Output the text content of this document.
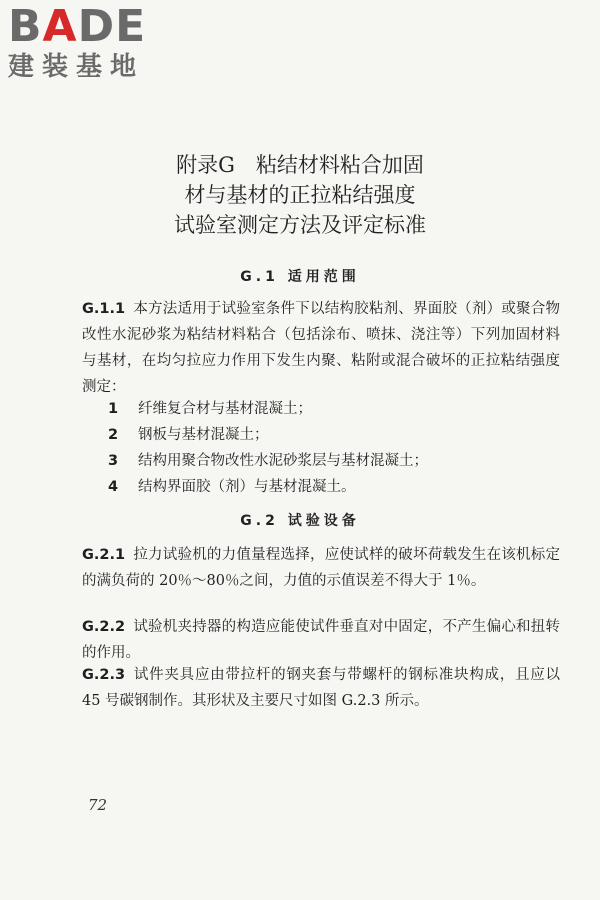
BADE
建装基地
附录G　粘结材料粘合加固
材与基材的正拉粘结强度
试验室测定方法及评定标准
G.1 适用范围
G.1.1 本方法适用于试验室条件下以结构胶粘剂、界面胶（剂）或聚合物改性水泥砂浆为粘结材料粘合（包括涂布、喷抹、浇注等）下列加固材料与基材，在均匀拉应力作用下发生内聚、粘附或混合破坏的正拉粘结强度测定：
1 纤维复合材与基材混凝土；
2 钢板与基材混凝土；
3 结构用聚合物改性水泥砂浆层与基材混凝土；
4 结构界面胶（剂）与基材混凝土。
G.2 试验设备
G.2.1 拉力试验机的力值量程选择，应使试样的破坏荷载发生在该机标定的满负荷的 20％～80％之间，力值的示值误差不得大于 1％。
G.2.2 试验机夹持器的构造应能使试件垂直对中固定，不产生偏心和扭转的作用。
G.2.3 试件夹具应由带拉杆的钢夹套与带螺杆的钢标准块构成，且应以 45 号碳钢制作。其形状及主要尺寸如图 G.2.3 所示。
72
